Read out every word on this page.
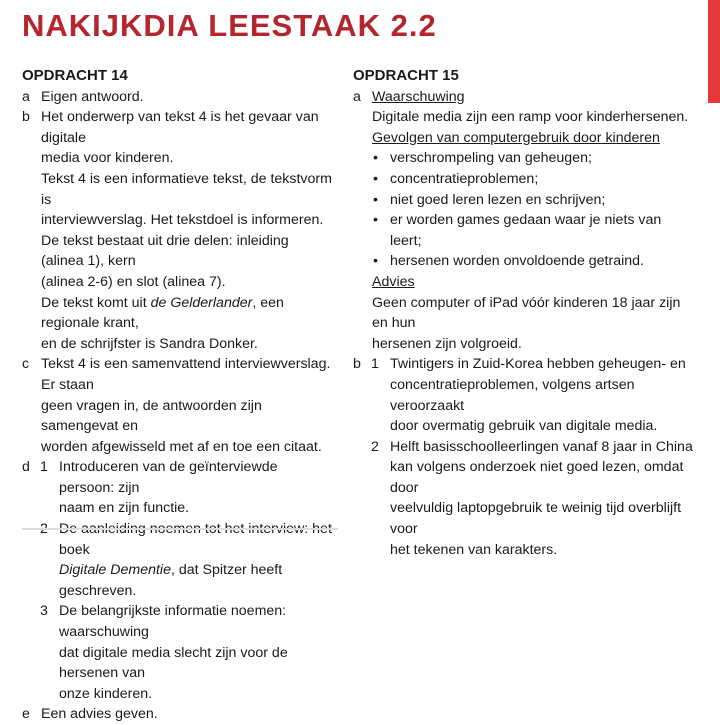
NAKIJKDIA LEESTAAK 2.2
OPDRACHT 14
a Eigen antwoord.
b Het onderwerp van tekst 4 is het gevaar van digitale
media voor kinderen.
Tekst 4 is een informatieve tekst, de tekstvorm is
interviewverslag. Het tekstdoel is informeren.
De tekst bestaat uit drie delen: inleiding (alinea 1), kern
(alinea 2-6) en slot (alinea 7).
De tekst komt uit de Gelderlander, een regionale krant,
en de schrijfster is Sandra Donker.
c Tekst 4 is een samenvattend interviewverslag. Er staan
geen vragen in, de antwoorden zijn samengevat en
worden afgewisseld met af en toe een citaat.
d 1 Introduceren van de geïnterviewde persoon: zijn
naam en zijn functie.
boek
Digitale Dementie, dat Spitzer heeft geschreven.
3 De belangrijkste informatie noemen: waarschuwing
dat digitale media slecht zijn voor de hersenen van
onze kinderen.
e Een advies geven.
OPDRACHT 15
a Waarschuwing
Digitale media zijn een ramp voor kinderhersenen.
Gevolgen van computergebruik door kinderen
• verschrompeling van geheugen;
• concentratieproblemen;
• niet goed leren lezen en schrijven;
• er worden games gedaan waar je niets van leert;
• hersenen worden onvoldoende getraind.
Advies
Geen computer of iPad vóór kinderen 18 jaar zijn en hun
hersenen zijn volgroeid.
b 1 Twintigers in Zuid-Korea hebben geheugen- en
concentratieproblemen, volgens artsen veroorzaakt
door overmatig gebruik van digitale media.
2 Helft basisschoolleerlingen vanaf 8 jaar in China
kan volgens onderzoek niet goed lezen, omdat door
veelvuldig laptopgebruik te weinig tijd overblijft voor
het tekenen van karakters.
